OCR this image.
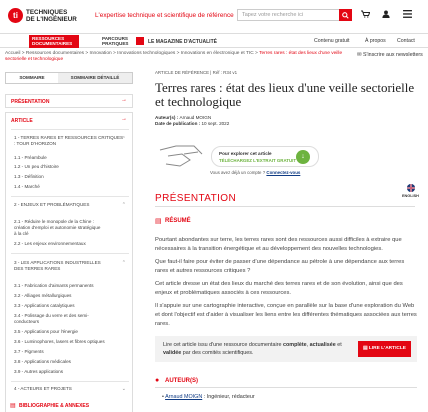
ti	TECHNIQUES
DE L'INGÉNIEUR
L'expertise technique et scientifique de référence	Tapez votre recherche ici
RESSOURCES
DOCUMENTAIRES
PARCOURS
PRATIQUES	LE MAGAZINE D'ACTUALITÉ	Contenu gratuit	À propos Contact
Accueil > Ressources documentaires > Innovation > Innovations technologiques > Innovations en électronique et TIC > Terres rares : état des lieux d'une veille sectorielle et technologique
✉ S'inscrire aux newsletters
SOMMAIRE	SOMMAIRE DÉTAILLÉ
PRÉSENTATION	→
ARTICLE	→
1 - TERRES RARES ET RESSOURCES CRITIQUES : TOUR D'HORIZON
⌃
1.1 - Préambule
1.2 - Un peu d'histoire
1.3 - Définition
1.4 - Marché
2 - ENJEUX ET PROBLÉMATIQUES	⌃
2.1 - Réduire le monopole de la Chine : création d'emploi et autonomie stratégique à la clé
2.2 - Les enjeux environnementaux
3 - LES APPLICATIONS INDUSTRIELLES DES TERRES RARES
⌃
3.1 - Fabrication d'aimants permanents
3.2 - Alliages métallurgiques
3.3 - Applications catalytiques
3.4 - Polissage du verre et des semi-conducteurs
3.5 - Applications pour l'énergie
3.6 - Luminophores, lasers et fibres optiques
3.7 - Pigments
3.8 - Applications médicales
3.9 - Autres applications
4 - ACTEURS ET PROJETS	⌄
▤ BIBLIOGRAPHIE & ANNEXES
ARTICLE DE RÉFÉRENCE | Réf : R34 v1
Terres rares : état des lieux d'une veille sectorielle et technologique
Auteur(s) : Arnaud MOIGN
Date de publication : 10 sept. 2022
Pour explorer cet article
TÉLÉCHARGEZ L'EXTRAIT GRATUIT
↓
Vous avez déjà un compte ? Connectez-vous
PRÉSENTATION	ENGLISH
▤ RÉSUMÉ
Pourtant abondantes sur terre, les terres rares sont des ressources aussi difficiles à extraire que nécessaires à la transition énergétique et au développement des nouvelles technologies.
Que faut-il faire pour éviter de passer d'une dépendance au pétrole à une dépendance aux terres rares et autres ressources critiques ?
Cet article dresse un état des lieux du marché des terres rares et de son évolution, ainsi que des enjeux et problématiques associés à ces ressources.
Il s'appuie sur une cartographie interactive, conçue en parallèle sur la base d'une exploration du Web et dont l'objectif est d'aider à visualiser les liens entre les différentes thématiques associées aux terres rares.
Lire cet article issu d'une ressource documentaire complète, actualisée et validée par des comités scientifiques.
▤ LIRE L'ARTICLE
● AUTEUR(S)
• Arnaud MOIGN : Ingénieur, rédacteur
